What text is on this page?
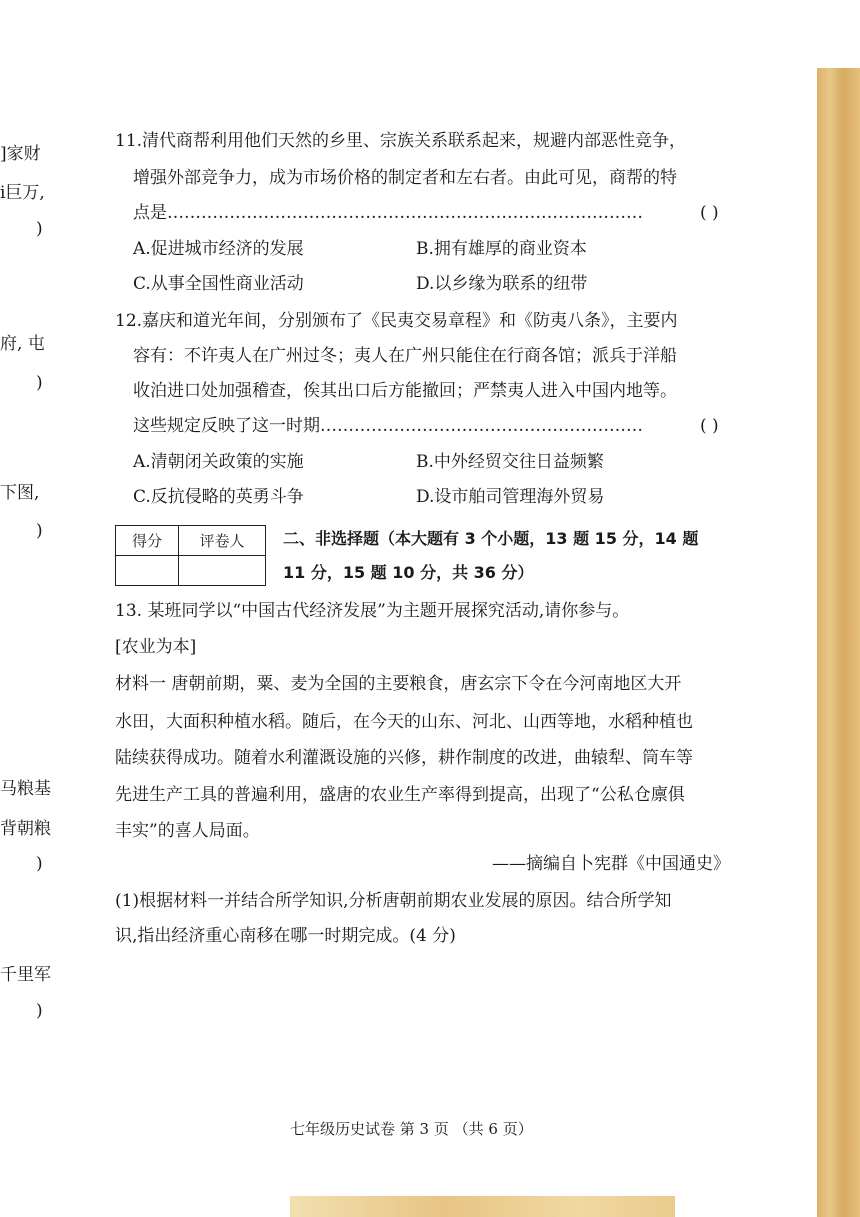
]家财
i巨万,
)
府, 屯
)
下图,
)
马粮基
背朝粮
)
千里军
)
11.清代商帮利用他们天然的乡里、宗族关系联系起来，规避内部恶性竞争，
增强外部竞争力，成为市场价格的制定者和左右者。由此可见，商帮的特
点是…………………………………………………………………………	( )
A.促进城市经济的发展	B.拥有雄厚的商业资本
C.从事全国性商业活动	D.以乡缘为联系的纽带
12.嘉庆和道光年间，分别颁布了《民夷交易章程》和《防夷八条》，主要内
容有：不许夷人在广州过冬；夷人在广州只能住在行商各馆；派兵于洋船
收泊进口处加强稽查，俟其出口后方能撤回；严禁夷人进入中国内地等。
这些规定反映了这一时期…………………………………………………	( )
A.清朝闭关政策的实施	B.中外经贸交往日益频繁
C.反抗侵略的英勇斗争	D.设市舶司管理海外贸易
得分	评卷人
	二、非选择题（本大题有 3 个小题，13 题 15 分，14 题
11 分，15 题 10 分，共 36 分）
13. 某班同学以“中国古代经济发展”为主题开展探究活动,请你参与。
[农业为本]
材料一 唐朝前期，粟、麦为全国的主要粮食，唐玄宗下令在今河南地区大开
水田，大面积种植水稻。随后，在今天的山东、河北、山西等地，水稻种植也
陆续获得成功。随着水利灌溉设施的兴修，耕作制度的改进，曲辕犁、筒车等
先进生产工具的普遍利用，盛唐的农业生产率得到提高，出现了“公私仓廪俱
丰实”的喜人局面。
——摘编自卜宪群《中国通史》
(1)根据材料一并结合所学知识,分析唐朝前期农业发展的原因。结合所学知
识,指出经济重心南移在哪一时期完成。(4 分)
七年级历史试卷 第 3 页 （共 6 页）
